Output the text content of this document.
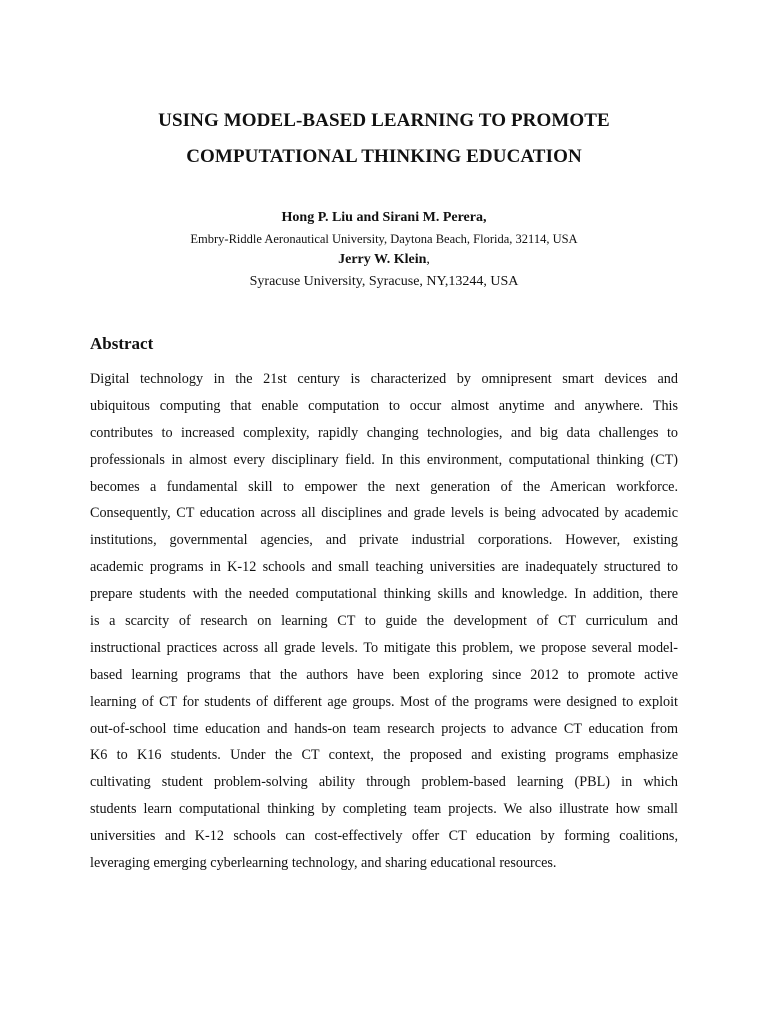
USING MODEL-BASED LEARNING TO PROMOTE
COMPUTATIONAL THINKING EDUCATION
Hong P. Liu and Sirani M. Perera,
Embry-Riddle Aeronautical University, Daytona Beach, Florida, 32114, USA
Jerry W. Klein,
Syracuse University, Syracuse, NY,13244, USA
Abstract
Digital technology in the 21st century is characterized by omnipresent smart devices and
ubiquitous computing that enable computation to occur almost anytime and anywhere. This
contributes to increased complexity, rapidly changing technologies, and big data challenges to
professionals in almost every disciplinary field. In this environment, computational thinking (CT)
becomes a fundamental skill to empower the next generation of the American workforce.
Consequently, CT education across all disciplines and grade levels is being advocated by academic
institutions, governmental agencies, and private industrial corporations. However, existing
academic programs in K-12 schools and small teaching universities are inadequately structured to
prepare students with the needed computational thinking skills and knowledge. In addition, there
is a scarcity of research on learning CT to guide the development of CT curriculum and
instructional practices across all grade levels. To mitigate this problem, we propose several model-
based learning programs that the authors have been exploring since 2012 to promote active
learning of CT for students of different age groups. Most of the programs were designed to exploit
out-of-school time education and hands-on team research projects to advance CT education from
K6 to K16 students. Under the CT context, the proposed and existing programs emphasize
cultivating student problem-solving ability through problem-based learning (PBL) in which
students learn computational thinking by completing team projects. We also illustrate how small
universities and K-12 schools can cost-effectively offer CT education by forming coalitions,
leveraging emerging cyberlearning technology, and sharing educational resources.
